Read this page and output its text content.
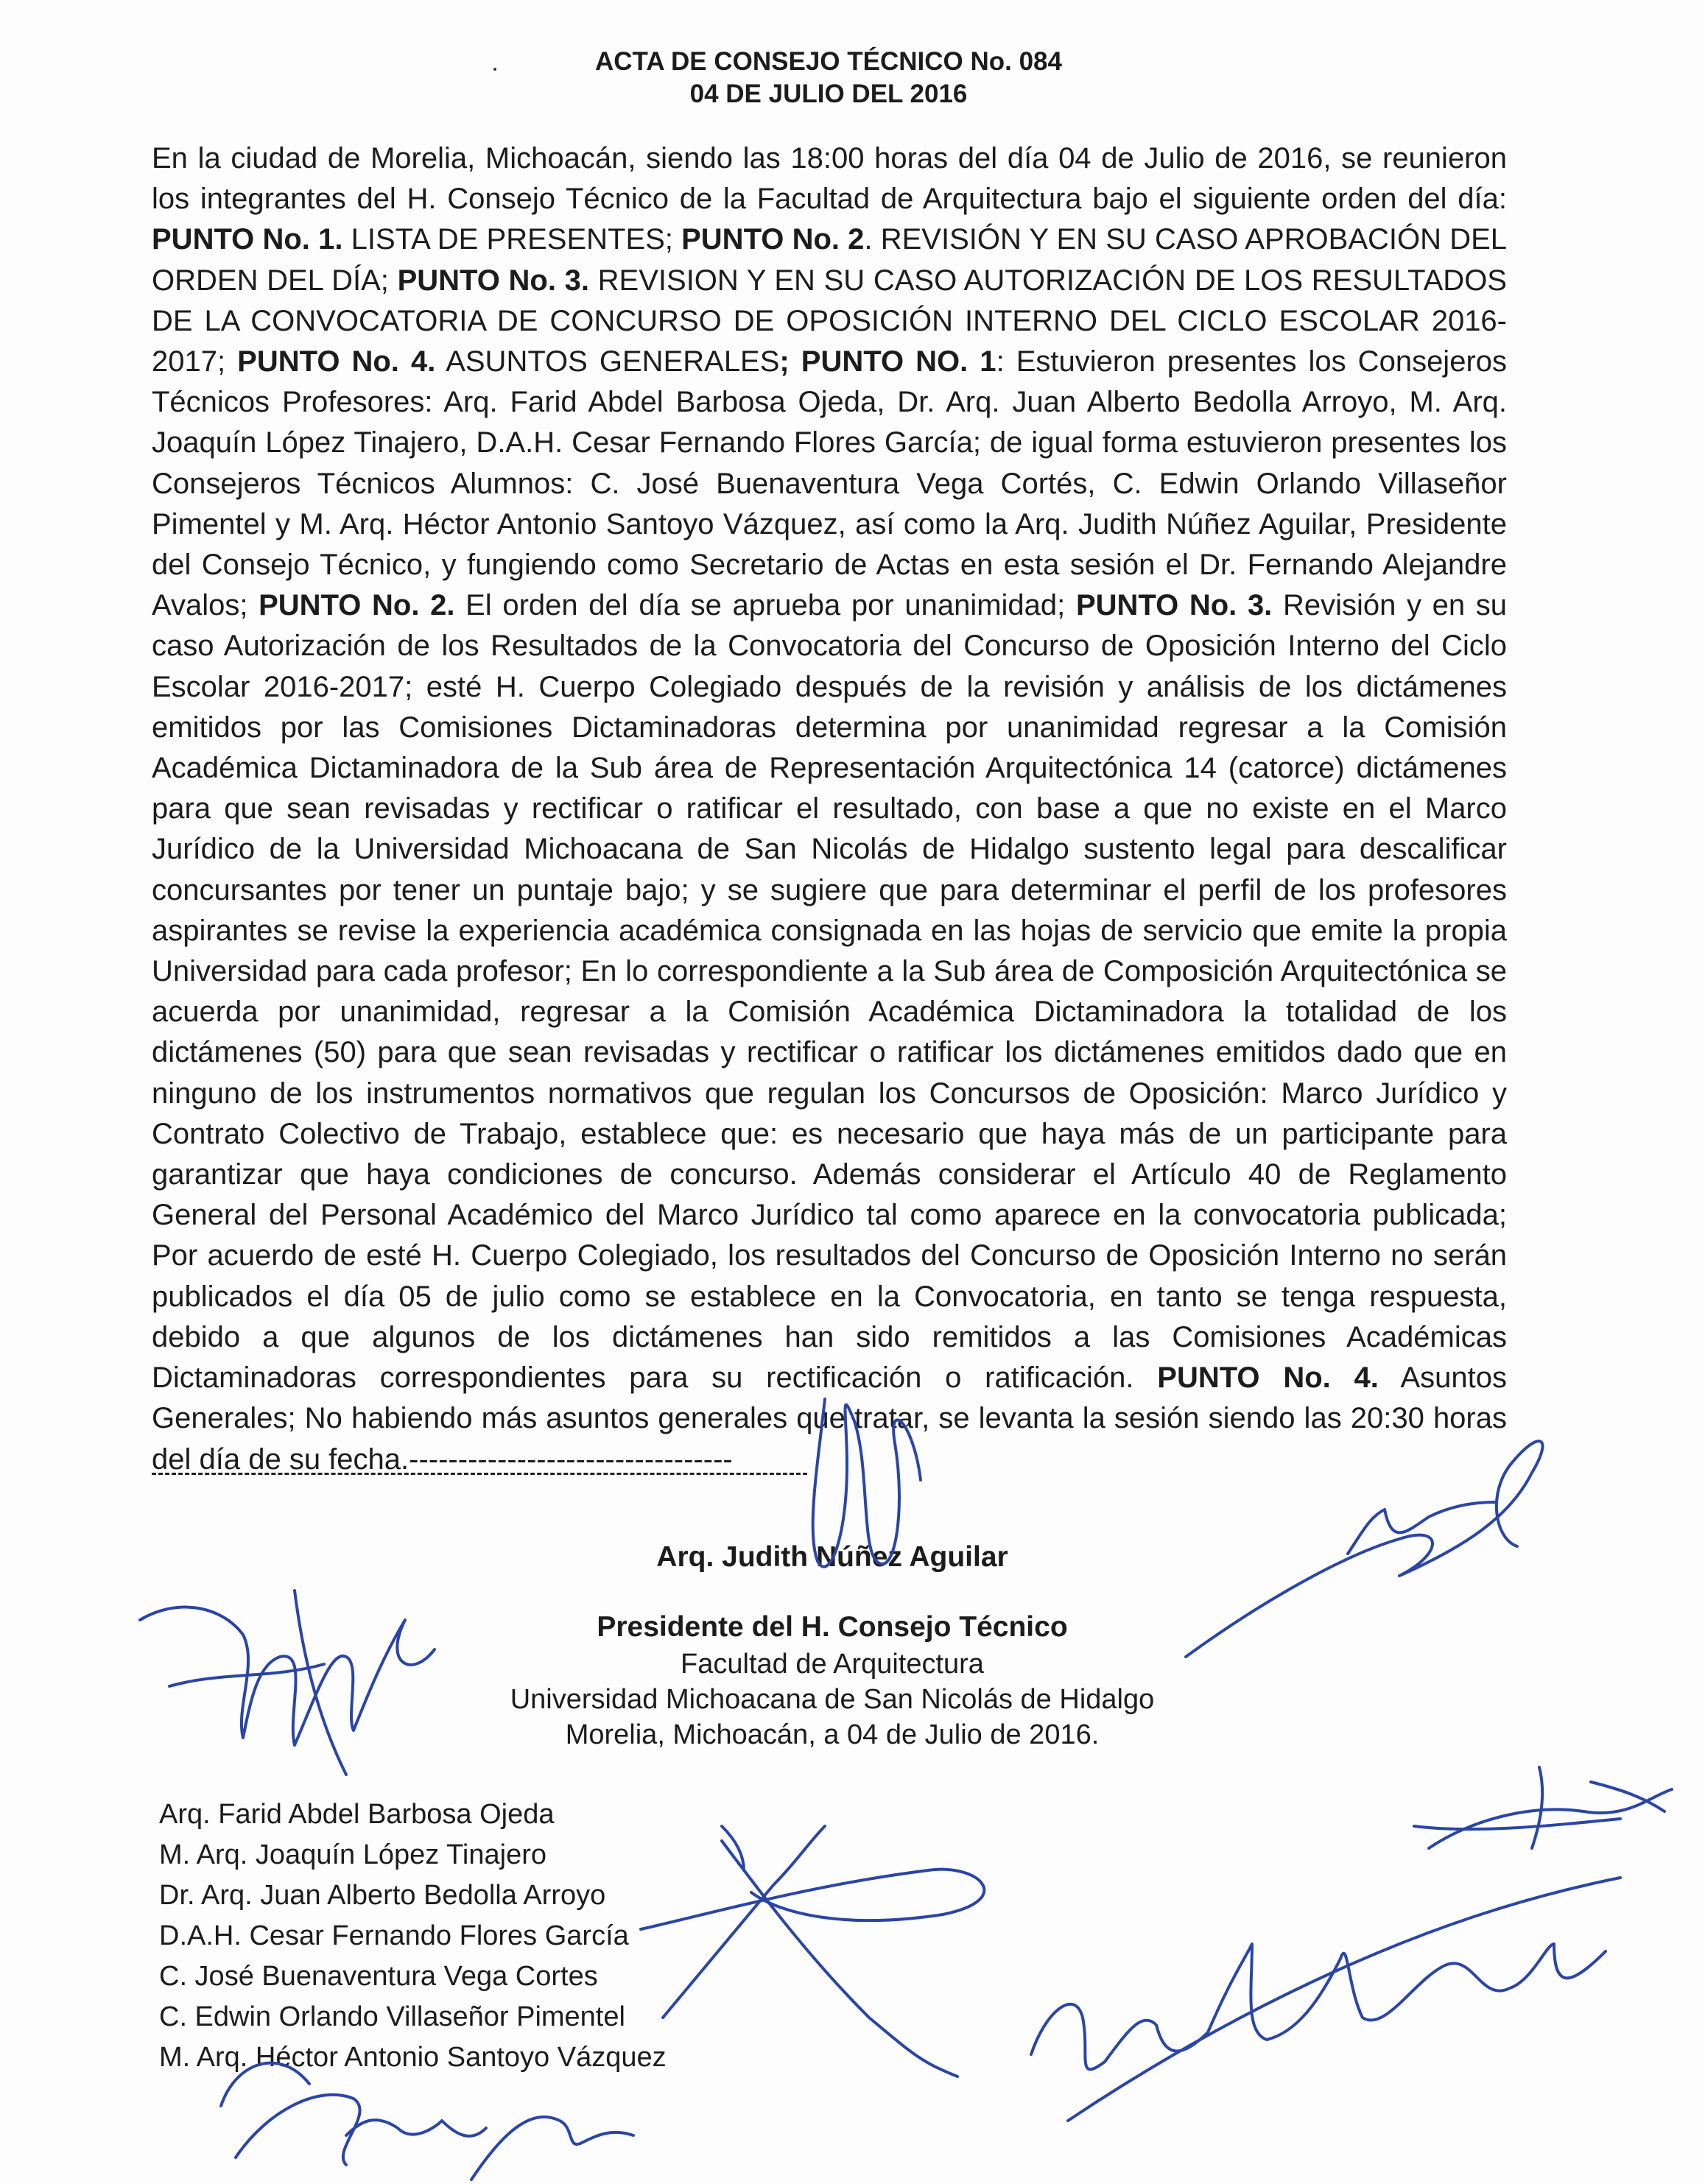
ACTA DE CONSEJO TÉCNICO No. 084
04 DE JULIO DEL 2016
En la ciudad de Morelia, Michoacán, siendo las 18:00 horas del día 04 de Julio de 2016, se reunieron los integrantes del H. Consejo Técnico de la Facultad de Arquitectura bajo el siguiente orden del día: PUNTO No. 1. LISTA DE PRESENTES; PUNTO No. 2. REVISIÓN Y EN SU CASO APROBACIÓN DEL ORDEN DEL DÍA; PUNTO No. 3. REVISION Y EN SU CASO AUTORIZACIÓN DE LOS RESULTADOS DE LA CONVOCATORIA DE CONCURSO DE OPOSICIÓN INTERNO DEL CICLO ESCOLAR 2016-2017; PUNTO No. 4. ASUNTOS GENERALES; PUNTO NO. 1: Estuvieron presentes los Consejeros Técnicos Profesores: Arq. Farid Abdel Barbosa Ojeda, Dr. Arq. Juan Alberto Bedolla Arroyo, M. Arq. Joaquín López Tinajero, D.A.H. Cesar Fernando Flores García; de igual forma estuvieron presentes los Consejeros Técnicos Alumnos: C. José Buenaventura Vega Cortés, C. Edwin Orlando Villaseñor Pimentel y M. Arq. Héctor Antonio Santoyo Vázquez, así como la Arq. Judith Núñez Aguilar, Presidente del Consejo Técnico, y fungiendo como Secretario de Actas en esta sesión el Dr. Fernando Alejandre Avalos; PUNTO No. 2. El orden del día se aprueba por unanimidad; PUNTO No. 3. Revisión y en su caso Autorización de los Resultados de la Convocatoria del Concurso de Oposición Interno del Ciclo Escolar 2016-2017; esté H. Cuerpo Colegiado después de la revisión y análisis de los dictámenes emitidos por las Comisiones Dictaminadoras determina por unanimidad regresar a la Comisión Académica Dictaminadora de la Sub área de Representación Arquitectónica 14 (catorce) dictámenes para que sean revisadas y rectificar o ratificar el resultado, con base a que no existe en el Marco Jurídico de la Universidad Michoacana de San Nicolás de Hidalgo sustento legal para descalificar concursantes por tener un puntaje bajo; y se sugiere que para determinar el perfil de los profesores aspirantes se revise la experiencia académica consignada en las hojas de servicio que emite la propia Universidad para cada profesor; En lo correspondiente a la Sub área de Composición Arquitectónica se acuerda por unanimidad, regresar a la Comisión Académica Dictaminadora la totalidad de los dictámenes (50) para que sean revisadas y rectificar o ratificar los dictámenes emitidos dado que en ninguno de los instrumentos normativos que regulan los Concursos de Oposición: Marco Jurídico y Contrato Colectivo de Trabajo, establece que: es necesario que haya más de un participante para garantizar que haya condiciones de concurso. Además considerar el Artículo 40 de Reglamento General del Personal Académico del Marco Jurídico tal como aparece en la convocatoria publicada; Por acuerdo de esté H. Cuerpo Colegiado, los resultados del Concurso de Oposición Interno no serán publicados el día 05 de julio como se establece en la Convocatoria, en tanto se tenga respuesta, debido a que algunos de los dictámenes han sido remitidos a las Comisiones Académicas Dictaminadoras correspondientes para su rectificación o ratificación. PUNTO No. 4. Asuntos Generales; No habiendo más asuntos generales que tratar, se levanta la sesión siendo las 20:30 horas del día de su fecha.---------------------------------
Arq. Judith Núñez Aguilar
Presidente del H. Consejo Técnico
Facultad de Arquitectura
Universidad Michoacana de San Nicolás de Hidalgo
Morelia, Michoacán, a 04 de Julio de 2016.
Arq. Farid Abdel Barbosa Ojeda
M. Arq. Joaquín López Tinajero
Dr. Arq. Juan Alberto Bedolla Arroyo
D.A.H. Cesar Fernando Flores García
C. José Buenaventura Vega Cortes
C. Edwin Orlando Villaseñor Pimentel
M. Arq. Héctor Antonio Santoyo Vázquez
